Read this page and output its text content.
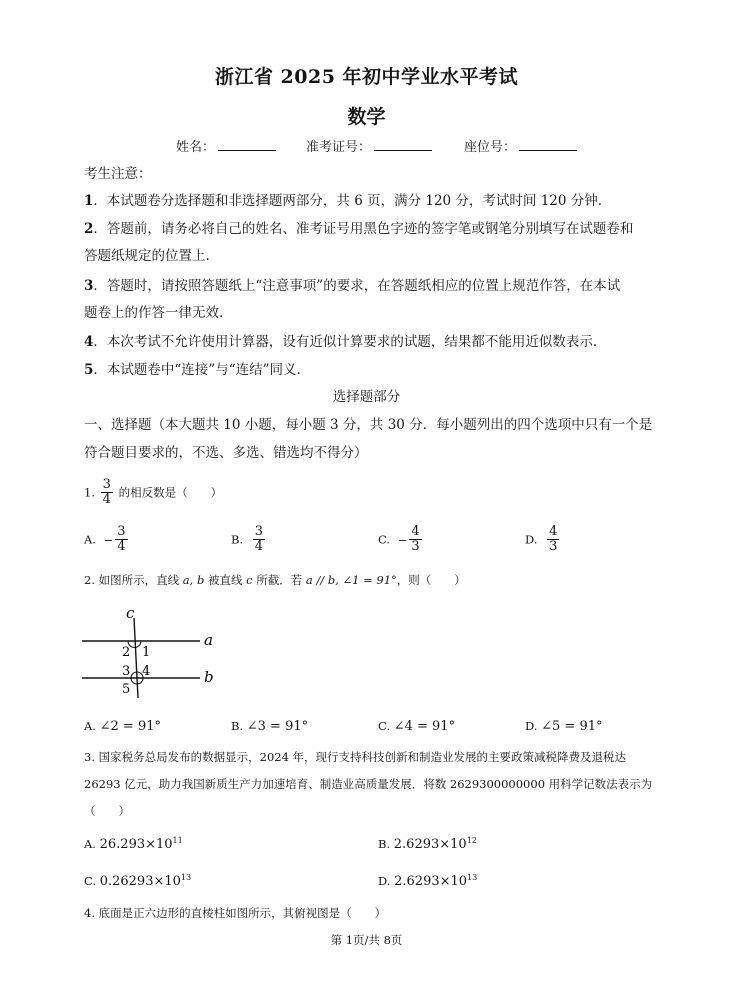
浙江省 2025 年初中学业水平考试
数学
姓名：	准考证号：	座位号：
考生注意：
1．本试题卷分选择题和非选择题两部分，共 6 页，满分 120 分，考试时间 120 分钟.
2．答题前，请务必将自己的姓名、准考证号用黑色字迹的签字笔或钢笔分别填写在试题卷和
答题纸规定的位置上.
3．答题时，请按照答题纸上“注意事项”的要求，在答题纸相应的位置上规范作答，在本试
题卷上的作答一律无效.
4．本次考试不允许使用计算器，设有近似计算要求的试题，结果都不能用近似数表示.
5．本试题卷中“连接”与“连结”同义.
选择题部分
一、选择题（本大题共 10 小题，每小题 3 分，共 30 分．每小题列出的四个选项中只有一个是
符合题目要求的，不选、多选、错选均不得分）
1. $\frac{3}{4}$ 的相反数是（　　）
A. − $\frac{3}{4}$	B. $\frac{3}{4}$	C. − $\frac{4}{3}$	D. $\frac{4}{3}$
2. 如图所示，直线 a, b 被直线 c 所截．若 a // b, ∠1 = 91°，则（　　）
c
a
b
1
2
3 4
5
A. ∠2 = 91°	B. ∠3 = 91°	C. ∠4 = 91°	D. ∠5 = 91°
3. 国家税务总局发布的数据显示，2024 年，现行支持科技创新和制造业发展的主要政策减税降费及退税达
26293 亿元，助力我国新质生产力加速培育、制造业高质量发展．将数 2629300000000 用科学记数法表示为
（　　）
A. $26.293\times 10^{11}$	B. $2.6293\times 10^{12}$
C. $0.26293\times 10^{13}$	D. $2.6293\times 10^{13}$
4. 底面是正六边形的直棱柱如图所示，其俯视图是（　　）
第 1页/共 8页
